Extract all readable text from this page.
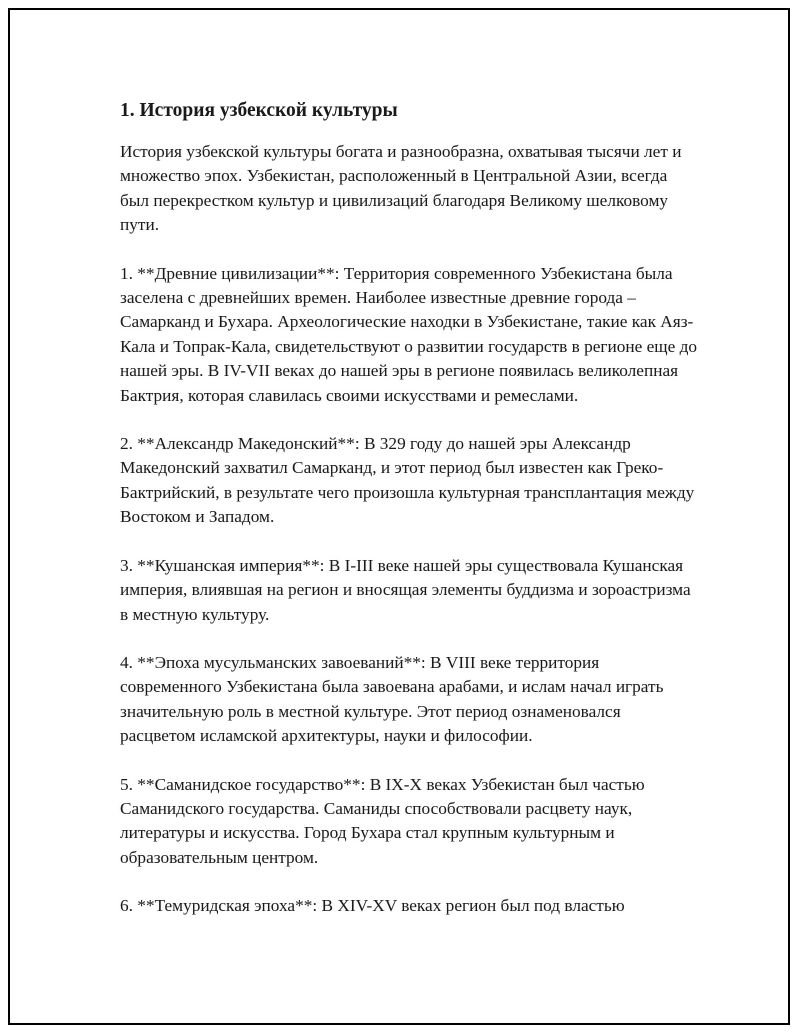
1. История узбекской культуры

История узбекской культуры богата и разнообразна, охватывая тысячи лет и множество эпох. Узбекистан, расположенный в Центральной Азии, всегда был перекрестком культур и цивилизаций благодаря Великому шелковому пути.

1. **Древние цивилизации**: Территория современного Узбекистана была заселена с древнейших времен. Наиболее известные древние города – Самарканд и Бухара. Археологические находки в Узбекистане, такие как Аяз-Кала и Топрак-Кала, свидетельствуют о развитии государств в регионе еще до нашей эры. В IV-VII веках до нашей эры в регионе появилась великолепная Бактрия, которая славилась своими искусствами и ремеслами.

2. **Александр Македонский**: В 329 году до нашей эры Александр Македонский захватил Самарканд, и этот период был известен как Греко-Бактрийский, в результате чего произошла культурная трансплантация между Востоком и Западом.

3. **Кушанская империя**: В I-III веке нашей эры существовала Кушанская империя, влиявшая на регион и вносящая элементы буддизма и зороастризма в местную культуру.

4. **Эпоха мусульманских завоеваний**: В VIII веке территория современного Узбекистана была завоевана арабами, и ислам начал играть значительную роль в местной культуре. Этот период ознаменовался расцветом исламской архитектуры, науки и философии.

5. **Саманидское государство**: В IX-X веках Узбекистан был частью Саманидского государства. Саманиды способствовали расцвету наук, литературы и искусства. Город Бухара стал крупным культурным и образовательным центром.

6. **Темуридская эпоха**: В XIV-XV веках регион был под властью
